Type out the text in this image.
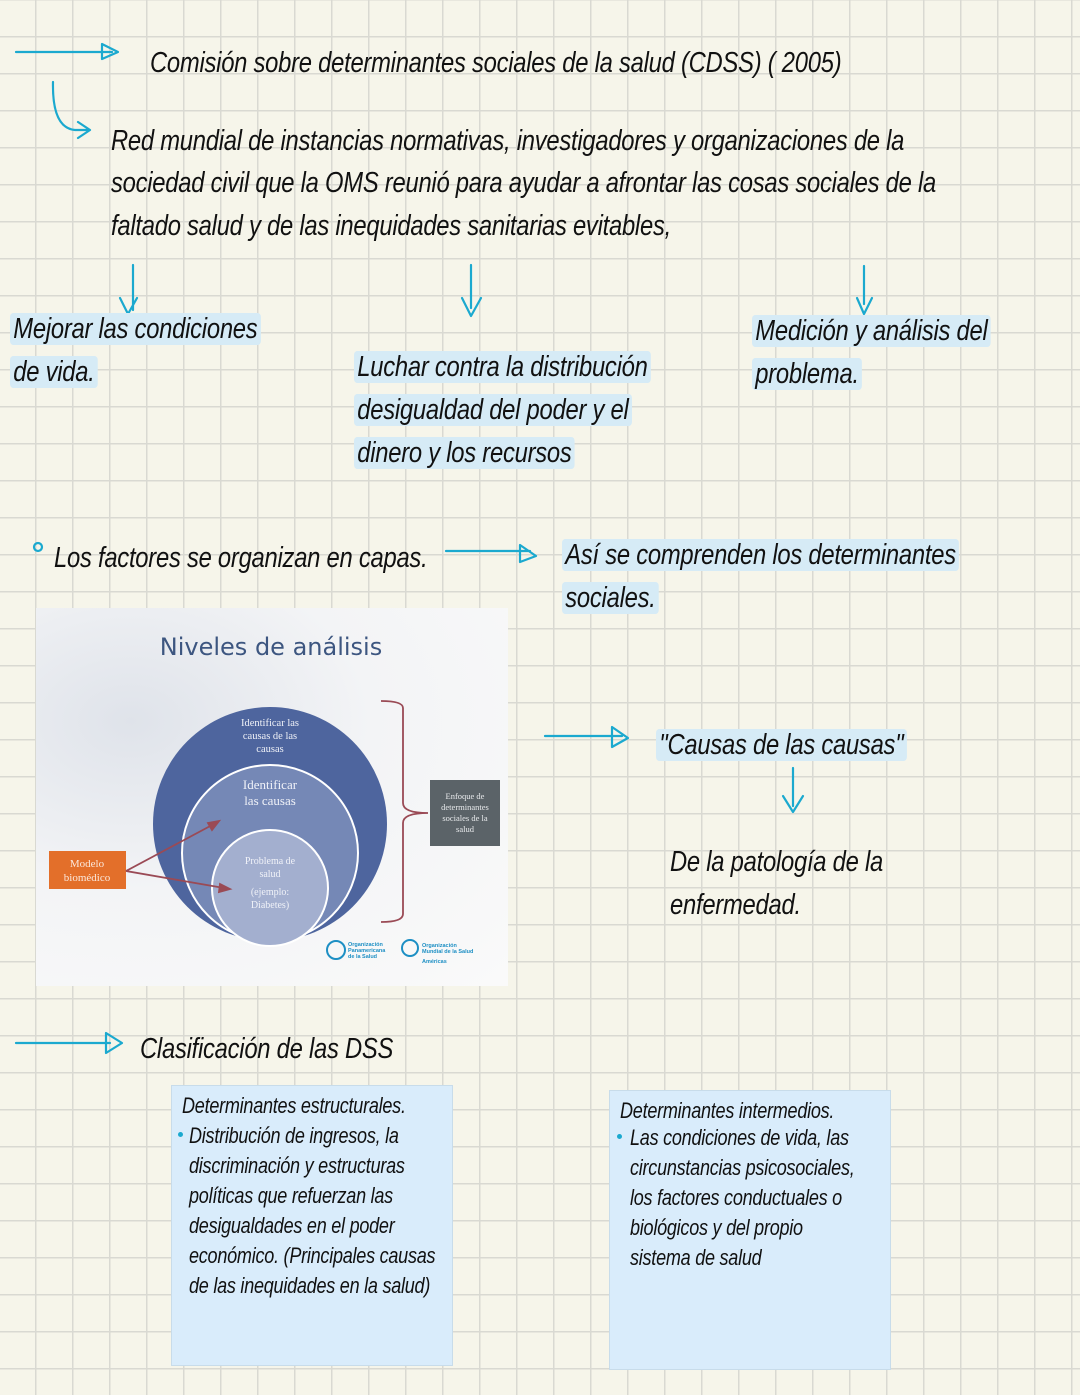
Comisión sobre determinantes sociales de la salud (CDSS) ( 2005)
Red mundial de instancias normativas, investigadores y organizaciones de la
sociedad civil que la OMS reunió para ayudar a afrontar las cosas sociales de la
faltado salud y de las inequidades sanitarias evitables,
Mejorar las condiciones
de vida.	Luchar contra la distribución
desigualdad del poder y el
dinero y los recursos
Medición y análisis del
problema.
Los factores se organizan en capas.	Así se comprenden los determinantes
sociales.
Niveles de análisis
Identificar las
causas de las
causas
Identificar
las causas
Problema de
salud
(ejemplo:
Diabetes)
Enfoque de
determinantes
sociales de la
salud
Modelo
biomédico
Organización
Panamericana
de la Salud
Organización
Mundial de la Salud
Américas
"Causas de las causas"
De la patología de la
enfermedad.
Clasificación de las DSS
Determinantes estructurales.
Distribución de ingresos, la
discriminación y estructuras
políticas que refuerzan las
desigualdades en el poder
económico. (Principales causas
de las inequidades en la salud)
Determinantes intermedios.
Las condiciones de vida, las
circunstancias psicosociales,
los factores conductuales o
biológicos y del propio
sistema de salud
